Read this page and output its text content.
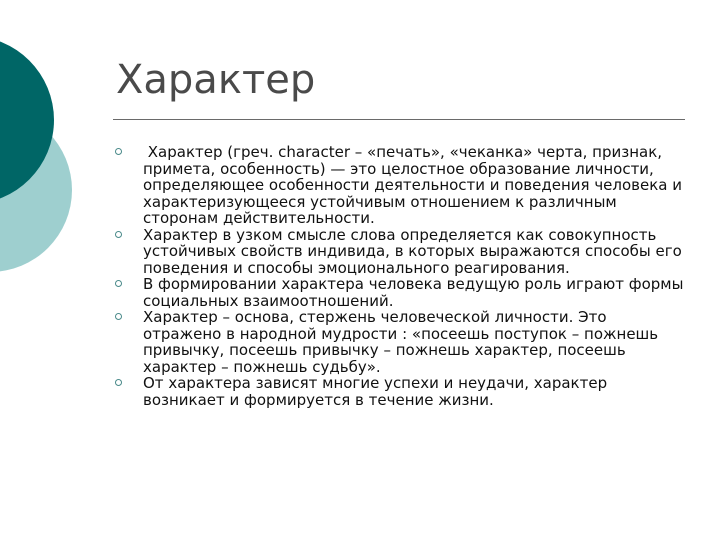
Характер
Характер (греч. character – «печать», «чеканка» черта, признак, примета, особенность) — это целостное образование личности, определяющее особенности деятельности и поведения человека и характеризующееся устойчивым отношением к различным сторонам действительности.
Характер в узком смысле слова определяется как совокупность устойчивых свойств индивида, в которых выражаются способы его поведения и способы эмоционального реагирования.
В формировании характера человека ведущую роль играют формы социальных взаимоотношений.
Характер – основа, стержень человеческой личности. Это отражено в народной мудрости : «посеешь поступок – пожнешь привычку, посеешь привычку – пожнешь характер, посеешь характер – пожнешь судьбу».
От характера зависят многие успехи и неудачи, характер возникает и формируется в течение жизни.
